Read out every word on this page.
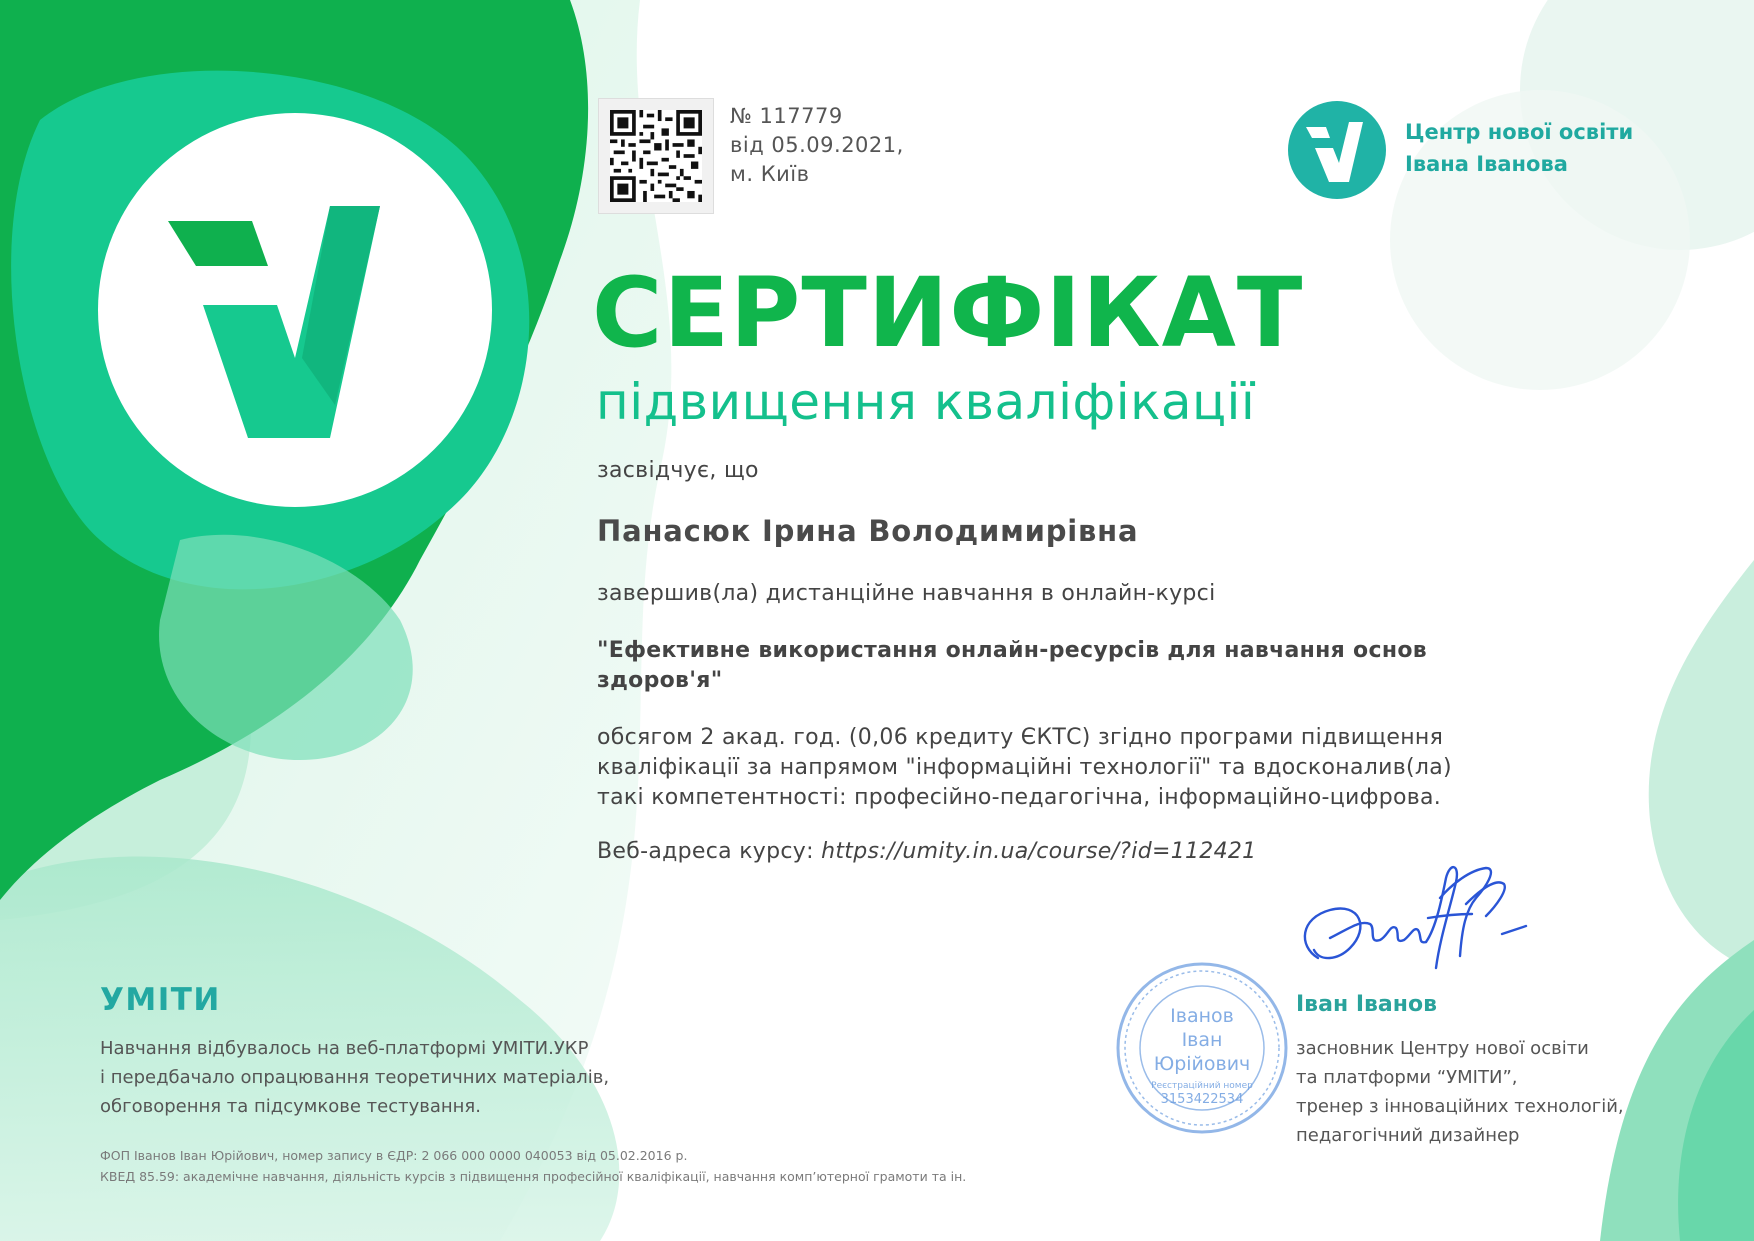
№ 117779
від 05.09.2021,
м. Київ
Центр нової освіти
Івана Іванова
СЕРТИФІКАТ
підвищення кваліфікації
засвідчує, що
Панасюк Ірина Володимирівна
завершив(ла) дистанційне навчання в онлайн-курсі
"Ефективне використання онлайн-ресурсів для навчання основ
здоров'я"
обсягом 2 акад. год. (0,06 кредиту ЄКТС) згідно програми підвищення
кваліфікації за напрямом "інформаційні технології" та вдосконалив(ла)
такі компетентності: професійно-педагогічна, інформаційно-цифрова.
Веб-адреса курсу: https://umity.in.ua/course/?id=112421
УМІТИ
Навчання відбувалось на веб-платформі УМІТИ.УКР
і передбачало опрацювання теоретичних матеріалів,
обговорення та підсумкове тестування.
ФОП Іванов Іван Юрійович, номер запису в ЄДР: 2 066 000 0000 040053 від 05.02.2016 р.
КВЕД 85.59: академічне навчання, діяльність курсів з підвищення професійної кваліфікації, навчання комп’ютерної грамоти та ін.
Іванов
Іван
Юрійович
Реєстраційний номер
3153422534
Іван Іванов
засновник Центру нової освіти
та платформи “УМІТИ”,
тренер з інноваційних технологій,
педагогічний дизайнер
